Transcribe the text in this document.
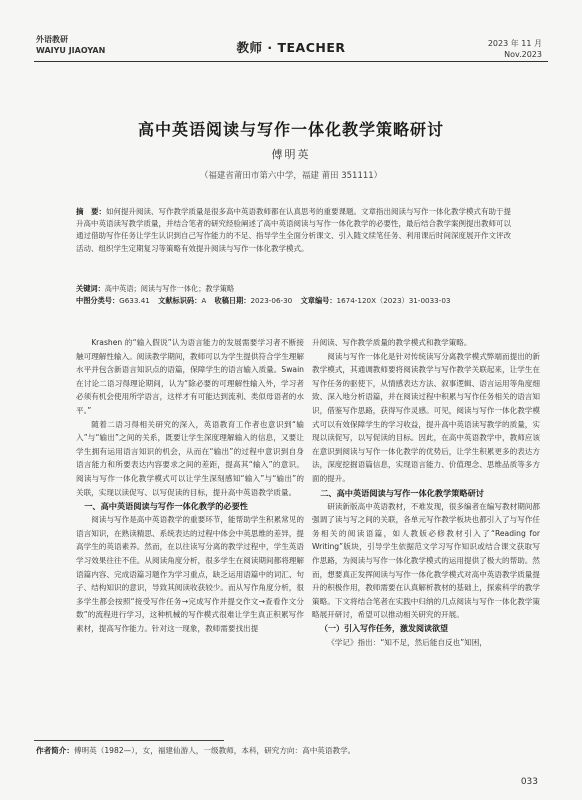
外语教研
WAIYU JIAOYAN	教师 · TEACHER	2023 年 11 月
Nov.2023
高中英语阅读与写作一体化教学策略研讨
傅明英
（福建省莆田市第六中学，福建 莆田 351111）
摘　要：如何提升阅读、写作教学质量是很多高中英语教师都在认真思考的重要课题。文章指出阅读与写作一体化教学模式有助于提升高中英语读写教学质量，并结合笔者的研究经验阐述了高中英语阅读与写作一体化教学的必要性，最后结合教学案例提出教师可以通过借助写作任务让学生认识到自己写作能力的不足、指导学生全面分析课文、引入随文续笔任务、利用课后时间深度展开作文评改活动、组织学生定期复习等策略有效提升阅读与写作一体化教学模式。
关键词：高中英语；阅读与写作一体化；教学策略
中图分类号：G633.41 文献标识码：A 收稿日期：2023-06-30 文章编号：1674-120X（2023）31-0033-03

Krashen 的“输入假说”认为语言能力的发展需要学习者不断接触可理解性输入。阅读教学期间，教师可以为学生提供符合学生理解水平并包含新语言知识点的语篇，保障学生的语言输入质量。Swain 在讨论二语习得理论期间，认为“除必要的可理解性输入外，学习者必须有机会使用所学语言，这样才有可能达到流利、类似母语者的水平。”

随着二语习得相关研究的深入，英语教育工作者也意识到“输入”与“输出”之间的关系，既要让学生深度理解输入的信息，又要让学生拥有运用语言知识的机会，从而在“输出”的过程中意识到自身语言能力和所要表达内容要求之间的差距，提高其“输入”的意识。阅读与写作一体化教学模式可以让学生深刻感知“输入”与“输出”的关联，实现以读促写、以写促读的目标，提升高中英语教学质量。

一、高中英语阅读与写作一体化教学的必要性

阅读与写作是高中英语教学的重要环节，能帮助学生积累常见的语言知识，在熟读精思、系统表达的过程中体会中英思维的差异，提高学生的英语素养。然而，在以往读写分离的教学过程中，学生英语学习效果往往不佳。从阅读角度分析，很多学生在阅读期间都将理解语篇内容、完成语篇习题作为学习重点，缺乏运用语篇中的词汇、句子、结构知识的意识，导致其阅读收获较少。而从写作角度分析，很多学生都会按照“接受写作任务→完成写作并提交作文→查看作文分数”的流程进行学习，这种机械的写作模式很难让学生真正积累写作素材，提高写作能力。针对这一现象，教师需要找出提

升阅读、写作教学质量的教学模式和教学策略。

阅读与写作一体化是针对传统读写分离教学模式弊端而提出的新教学模式，其通调教师要将阅读教学与写作教学关联起来，让学生在写作任务的驱使下，从情感表达方法、叙事逻辑、语言运用等角度细致、深入地分析语篇，并在阅读过程中积累与写作任务相关的语言知识，借鉴写作思路，获得写作灵感。可见，阅读与写作一体化教学模式可以有效保障学生的学习收益，提升高中英语读写教学的质量，实现以读促写，以写促读的目标。因此，在高中英语教学中，教师应该在意识到阅读与写作一体化教学的优势后，让学生积累更多的表达方法，深度挖掘语篇信息，实现语言能力、价值理念、思维品质等多方面的提升。

二、高中英语阅读与写作一体化教学策略研讨

研读新版高中英语教材，不难发现，很多编者在编写教材期间都强调了读与写之间的关联，各单元写作教学板块也都引入了与写作任务相关的阅读语篇，如人教版必修教材引入了“Reading for Writing”版块，引导学生依据范文学习写作知识或结合课文获取写作思路，为阅读与写作一体化教学模式的运用提供了极大的帮助。然而，想要真正发挥阅读与写作一体化教学模式对高中英语教学质量提升的积极作用，教师需要在认真解析教材的基础上，探索科学的教学策略。下文将结合笔者在实践中归纳的几点阅读与写作一体化教学策略展开研讨，希望可以推动相关研究的开展。

（一）引入写作任务，激发阅读欲望

《学记》指出：“知不足，然后能自反也”知困，

作者简介：傅明英（1982—），女，福建仙游人，一级教师，本科，研究方向：高中英语教学。
033
